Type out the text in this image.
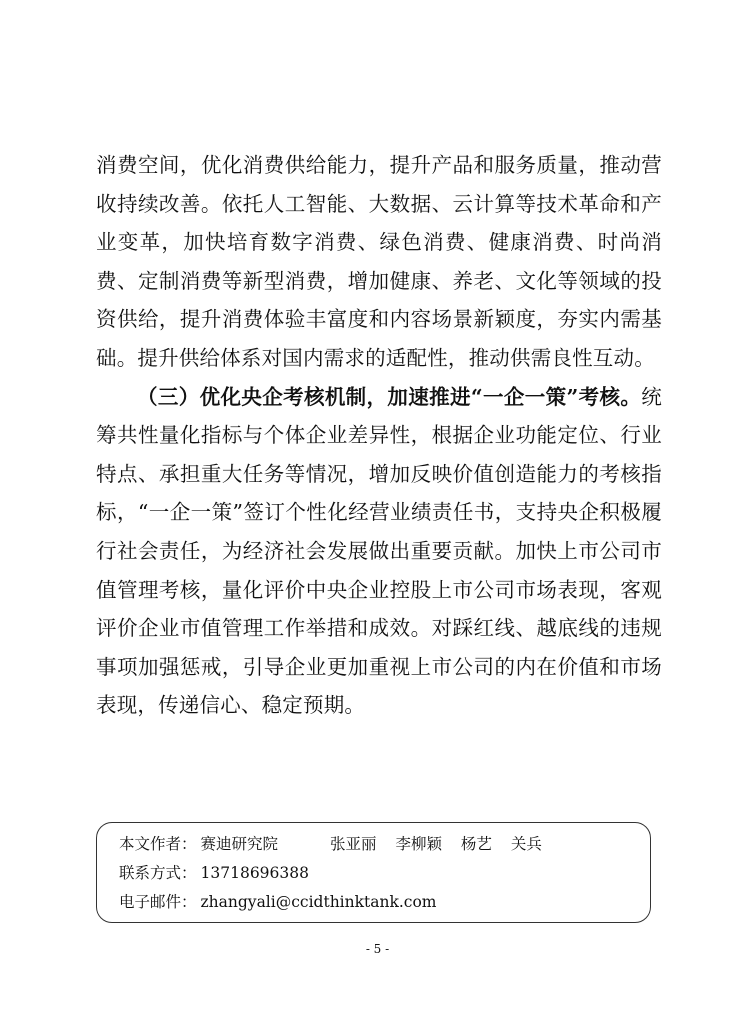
消费空间，优化消费供给能力，提升产品和服务质量，推动营收持续改善。依托人工智能、大数据、云计算等技术革命和产业变革，加快培育数字消费、绿色消费、健康消费、时尚消费、定制消费等新型消费，增加健康、养老、文化等领域的投资供给，提升消费体验丰富度和内容场景新颖度，夯实内需基础。提升供给体系对国内需求的适配性，推动供需良性互动。

（三）优化央企考核机制，加速推进“一企一策”考核。统筹共性量化指标与个体企业差异性，根据企业功能定位、行业特点、承担重大任务等情况，增加反映价值创造能力的考核指标，“一企一策”签订个性化经营业绩责任书，支持央企积极履行社会责任，为经济社会发展做出重要贡献。加快上市公司市值管理考核，量化评价中央企业控股上市公司市场表现，客观评价企业市值管理工作举措和成效。对踩红线、越底线的违规事项加强惩戒，引导企业更加重视上市公司的内在价值和市场表现，传递信心、稳定预期。

本文作者： 赛迪研究院	张亚丽 李柳颖 杨艺 关兵
联系方式： 13718696388
电子邮件： zhangyali@ccidthinktank.com
- 5 -
